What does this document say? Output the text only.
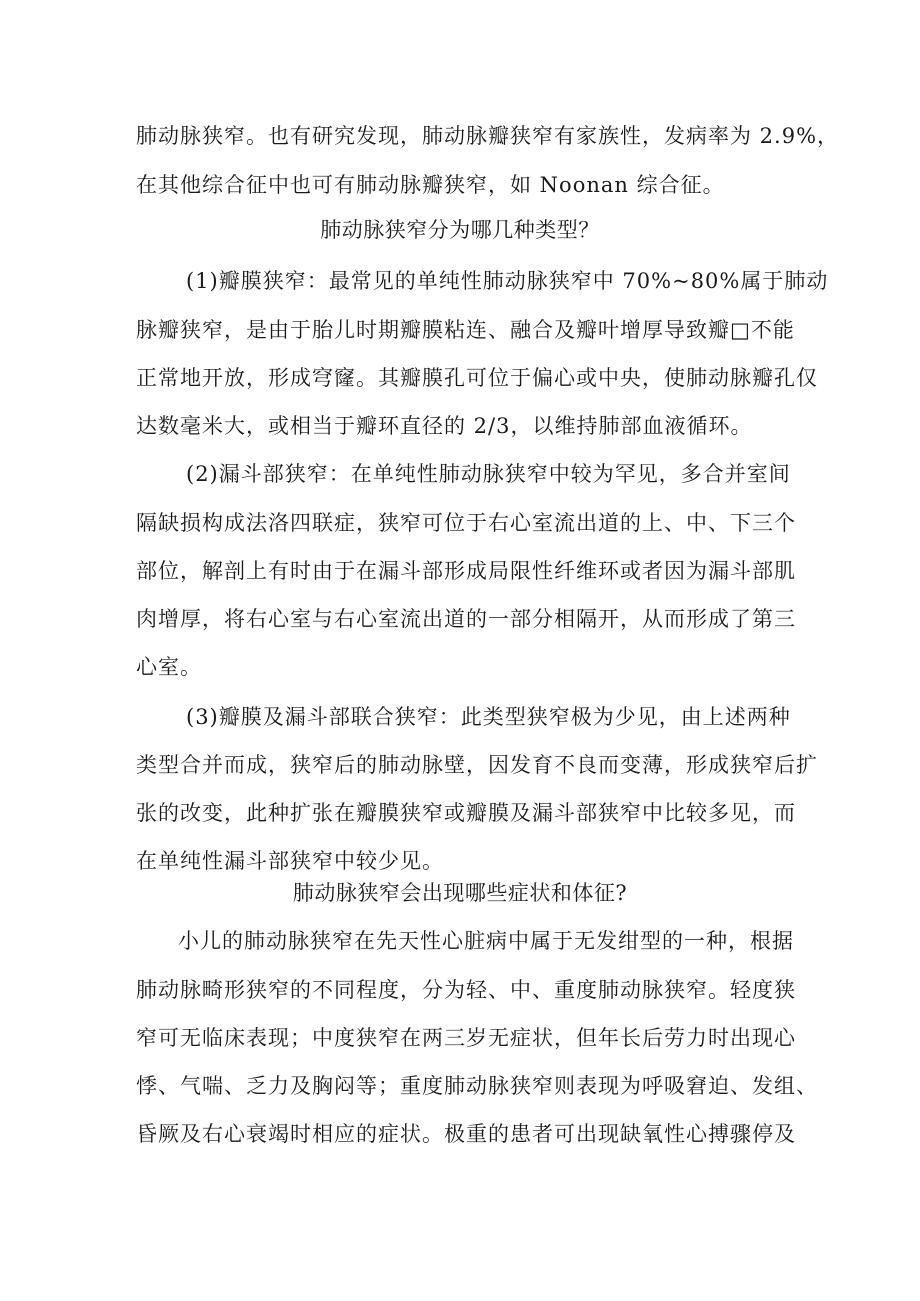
肺动脉狭窄。也有研究发现，肺动脉瓣狭窄有家族性，发病率为 2.9%，
在其他综合征中也可有肺动脉瓣狭窄，如 Noonan 综合征。
肺动脉狭窄分为哪几种类型？
(1)瓣膜狭窄：最常见的单纯性肺动脉狭窄中 70%~80%属于肺动
脉瓣狭窄，是由于胎儿时期瓣膜粘连、融合及瓣叶增厚导致瓣□不能
正常地开放，形成穹窿。其瓣膜孔可位于偏心或中央，使肺动脉瓣孔仅
达数毫米大，或相当于瓣环直径的 2/3，以维持肺部血液循环。
(2)漏斗部狭窄：在单纯性肺动脉狭窄中较为罕见，多合并室间
隔缺损构成法洛四联症，狭窄可位于右心室流出道的上、中、下三个
部位，解剖上有时由于在漏斗部形成局限性纤维环或者因为漏斗部肌
肉增厚，将右心室与右心室流出道的一部分相隔开，从而形成了第三
心室。
(3)瓣膜及漏斗部联合狭窄：此类型狭窄极为少见，由上述两种
类型合并而成，狭窄后的肺动脉壁，因发育不良而变薄，形成狭窄后扩
张的改变，此种扩张在瓣膜狭窄或瓣膜及漏斗部狭窄中比较多见，而
在单纯性漏斗部狭窄中较少见。
肺动脉狭窄会出现哪些症状和体征?
小儿的肺动脉狭窄在先天性心脏病中属于无发绀型的一种，根据
肺动脉畸形狭窄的不同程度，分为轻、中、重度肺动脉狭窄。轻度狭
窄可无临床表现；中度狭窄在两三岁无症状，但年长后劳力时出现心
悸、气喘、乏力及胸闷等；重度肺动脉狭窄则表现为呼吸窘迫、发组、
昏厥及右心衰竭时相应的症状。极重的患者可出现缺氧性心搏骤停及
